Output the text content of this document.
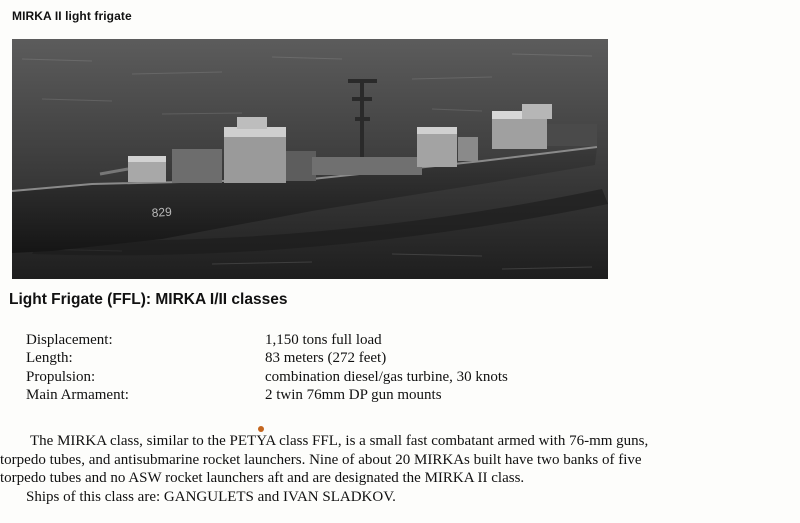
MIRKA II light frigate
829
Light Frigate (FFL): MIRKA I/II classes
Displacement:	1,150 tons full load
Length:	83 meters (272 feet)
Propulsion:	combination diesel/gas turbine, 30 knots
Main Armament:	2 twin 76mm DP gun mounts
The MIRKA class, similar to the PETYA class FFL, is a small fast combatant armed with 76-mm guns,
torpedo tubes, and antisubmarine rocket launchers. Nine of about 20 MIRKAs built have two banks of five
torpedo tubes and no ASW rocket launchers aft and are designated the MIRKA II class.
Ships of this class are: GANGULETS and IVAN SLADKOV.
